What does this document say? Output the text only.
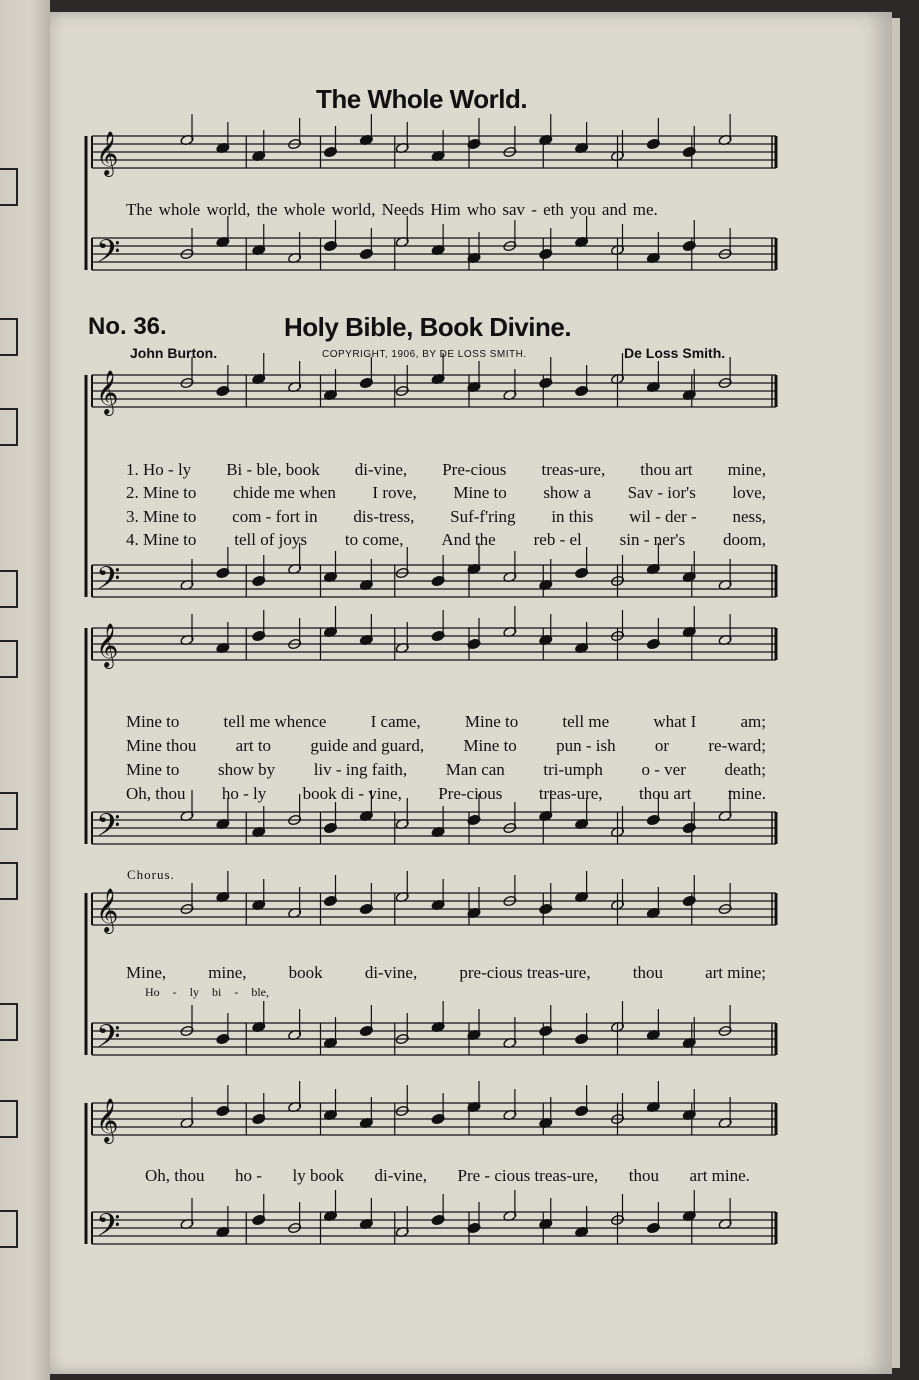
𝄞
𝄢
𝄞
𝄢
𝄞
𝄢
𝄞
𝄢
𝄞
𝄢
The Whole World.
The whole world, the whole world, Needs Him who sav - eth you and me.
No. 36.	Holy Bible, Book Divine.
John Burton.	COPYRIGHT, 1906, BY DE LOSS SMITH.	De Loss Smith.
1. Ho - ly Bi - ble, book di-vine, Pre-cious treas-ure, thou art mine,
2. Mine to chide me when I rove, Mine to show a Sav - ior's love,
3. Mine to com - fort in dis-tress, Suf-f'ring in this wil - der - ness,
4. Mine to tell of joys to come, And the reb - el sin - ner's doom,
Mine to	tell me whence	I came,	Mine to	tell me	what I	am;
Mine thou art to guide and guard, Mine to pun - ish or re-ward;
Mine to show by liv - ing faith, Man can tri-umph o - ver death;
Oh, thou ho - ly book di - vine, Pre-cious treas-ure, thou art mine.
Chorus.
Mine, mine, book di-vine, pre-cious treas-ure, thou art mine;
Ho - ly bi - ble,
Oh, thou ho - ly book di-vine, Pre - cious treas-ure, thou art mine.
